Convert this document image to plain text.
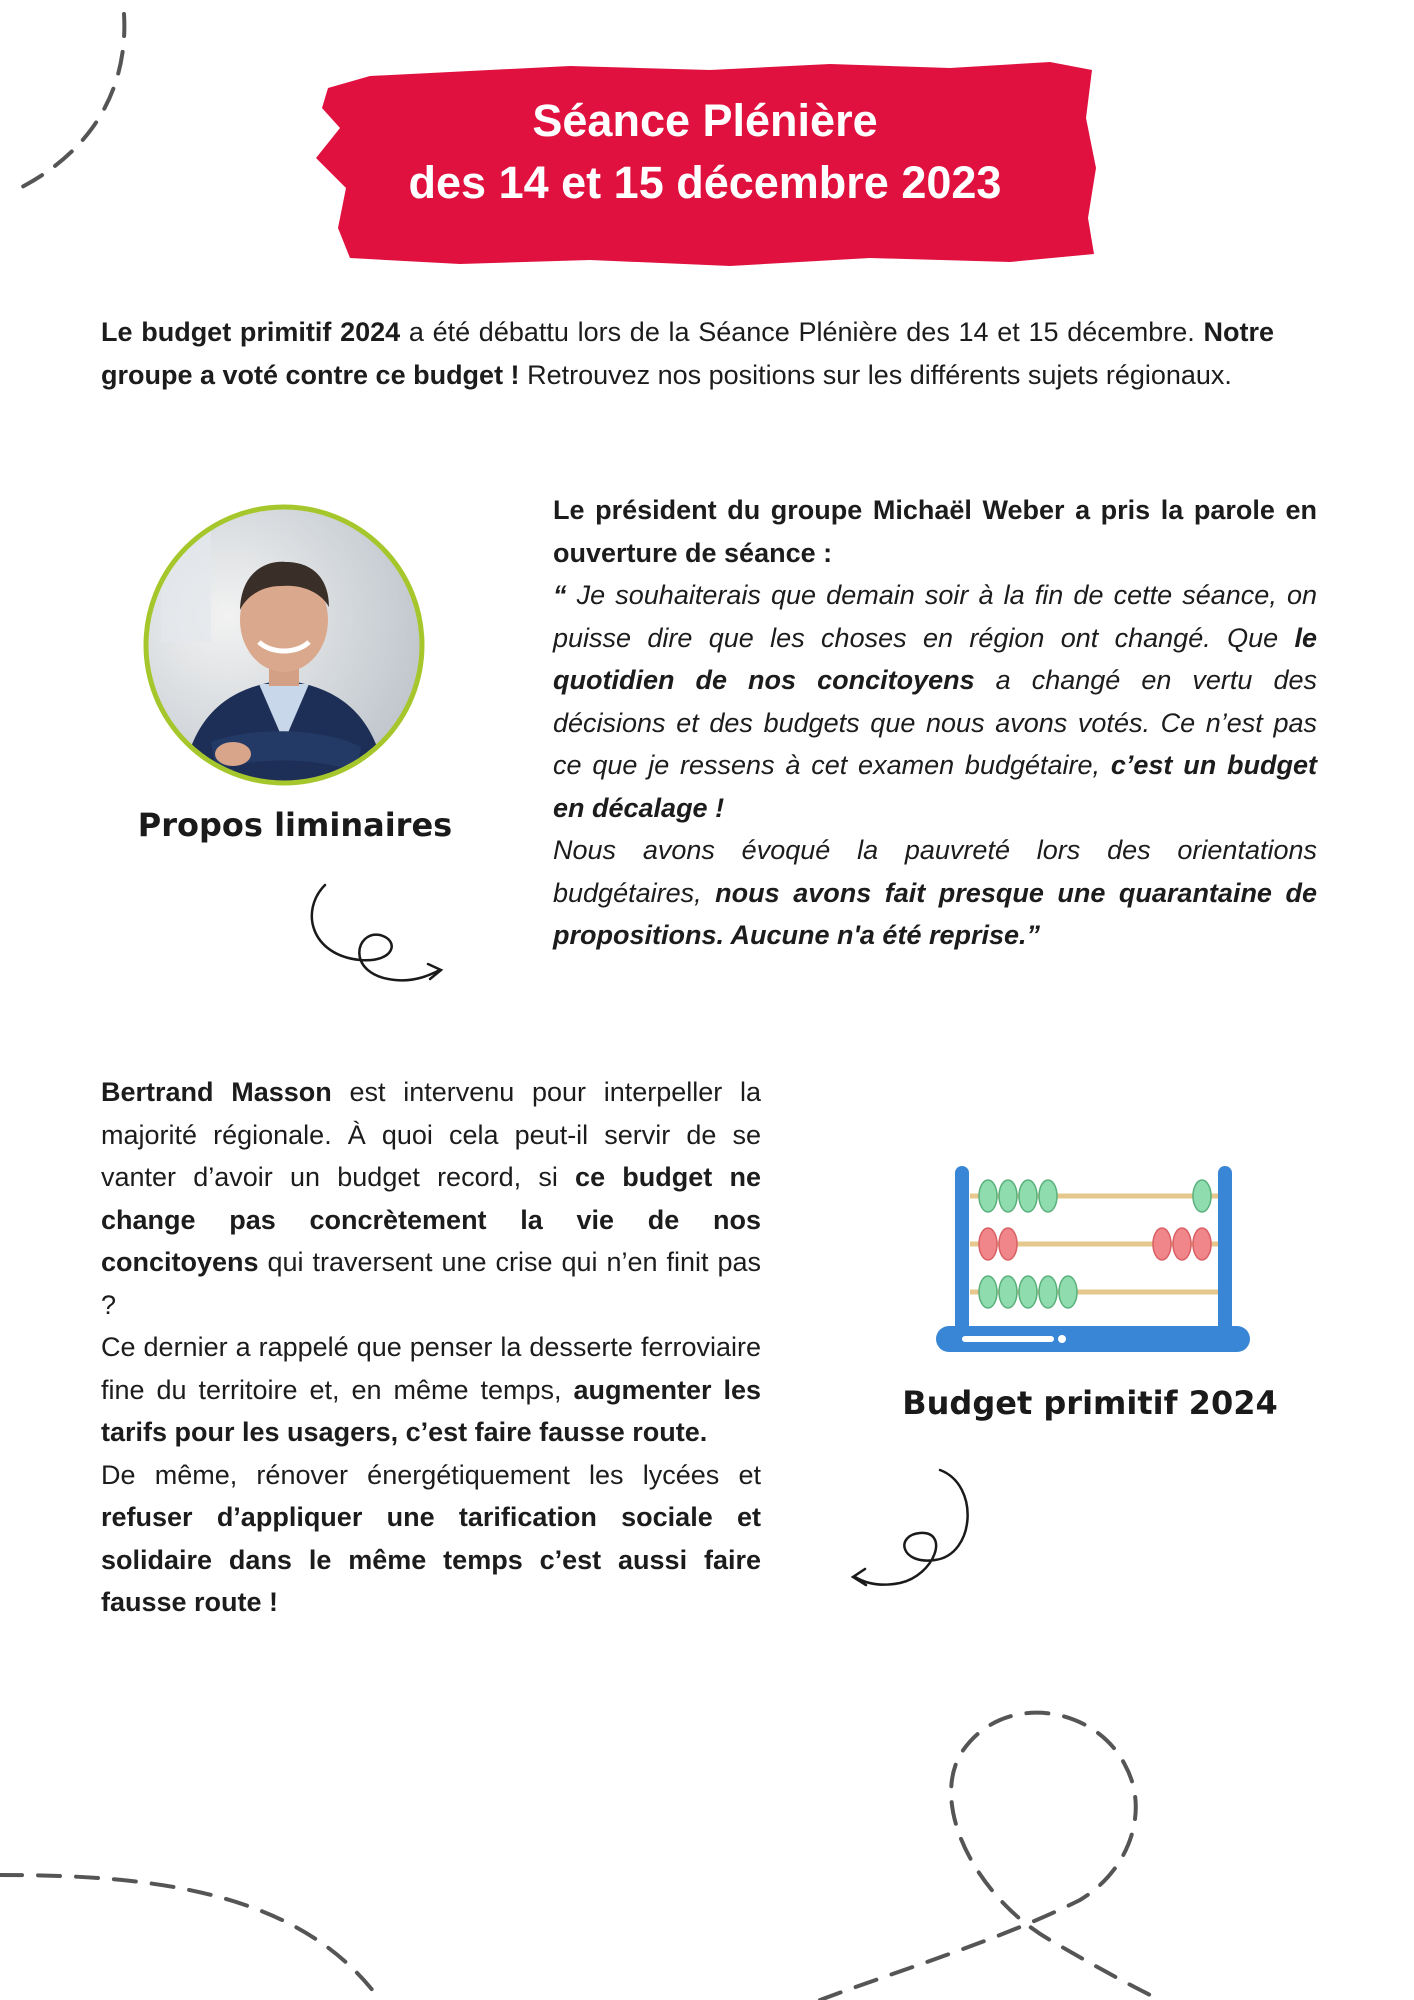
Séance Plénière
des 14 et 15 décembre 2023
Le budget primitif 2024 a été débattu lors de la Séance Plénière des 14 et 15 décembre. Notre groupe a voté contre ce budget ! Retrouvez nos positions sur les différents sujets régionaux.
Propos liminaires
Le président du groupe Michaël Weber a pris la parole en ouverture de séance :
“ Je souhaiterais que demain soir à la fin de cette séance, on puisse dire que les choses en région ont changé. Que le quotidien de nos concitoyens a changé en vertu des décisions et des budgets que nous avons votés. Ce n’est pas ce que je ressens à cet examen budgétaire, c’est un budget en décalage !
Nous avons évoqué la pauvreté lors des orientations budgétaires, nous avons fait presque une quarantaine de propositions. Aucune n'a été reprise.”
Bertrand Masson est intervenu pour interpeller la majorité régionale. À quoi cela peut-il servir de se vanter d’avoir un budget record, si ce budget ne change pas concrètement la vie de nos concitoyens qui traversent une crise qui n’en finit pas ?
Ce dernier a rappelé que penser la desserte ferroviaire fine du territoire et, en même temps, augmenter les tarifs pour les usagers, c’est faire fausse route.
De même, rénover énergétiquement les lycées et refuser d’appliquer une tarification sociale et solidaire dans le même temps c’est aussi faire fausse route !
Budget primitif 2024
